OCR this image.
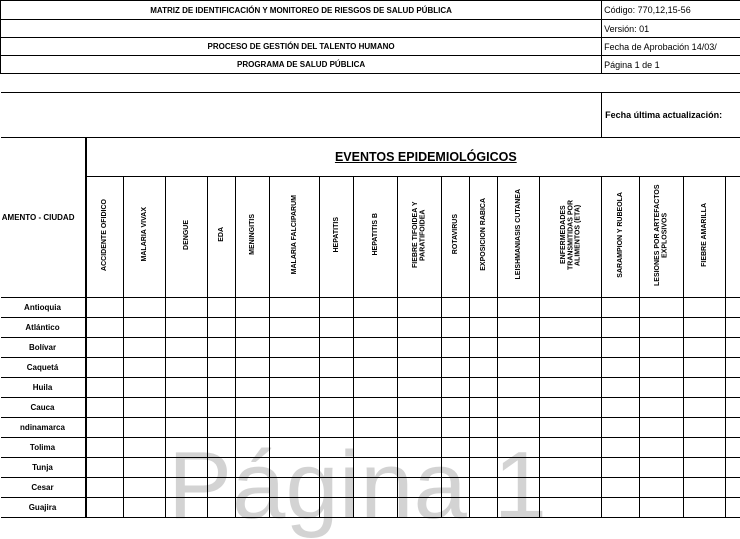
MATRIZ DE IDENTIFICACIÓN Y MONITOREO DE RIESGOS DE SALUD PÚBLICA														Código: 770,12,15-56			
														Versión: 01			
PROCESO DE GESTIÓN DEL TALENTO HUMANO														Fecha de Aprobación 14/03/			
PROGRAMA DE SALUD PÚBLICA														Página 1 de 1			

														Fecha última actualización:			
AMENTO - CIUDAD	EVENTOS EPIDEMIOLÓGICOS																
	ACCIDENTE OFIDICO	MALARIA VIVAX	DENGUE	EDA	MENINGITIS	MALARIA FALCIPARUM	HEPATITIS	HEPATITIS B	FIEBRE TIFOIDEA Y PARATIFOIDEA	ROTAVIRUS	EXPOSICION RABICA	LEISHMANIASIS CUTANEA	ENFERMEDADES TRANSMITIDAS POR ALIMENTOS (ETA)	SARAMPION Y RUBEOLA	LESIONES POR ARTEFACTOS EXPLOSIVOS	FIEBRE AMARILLA	
Antioquia																	
Atlántico																	
Bolívar																	
Caquetá																	
Huila																	
Cauca																	
ndinamarca																	
Tolima																	
Tunja																	
Cesar																	
Guajira																	Página 1
